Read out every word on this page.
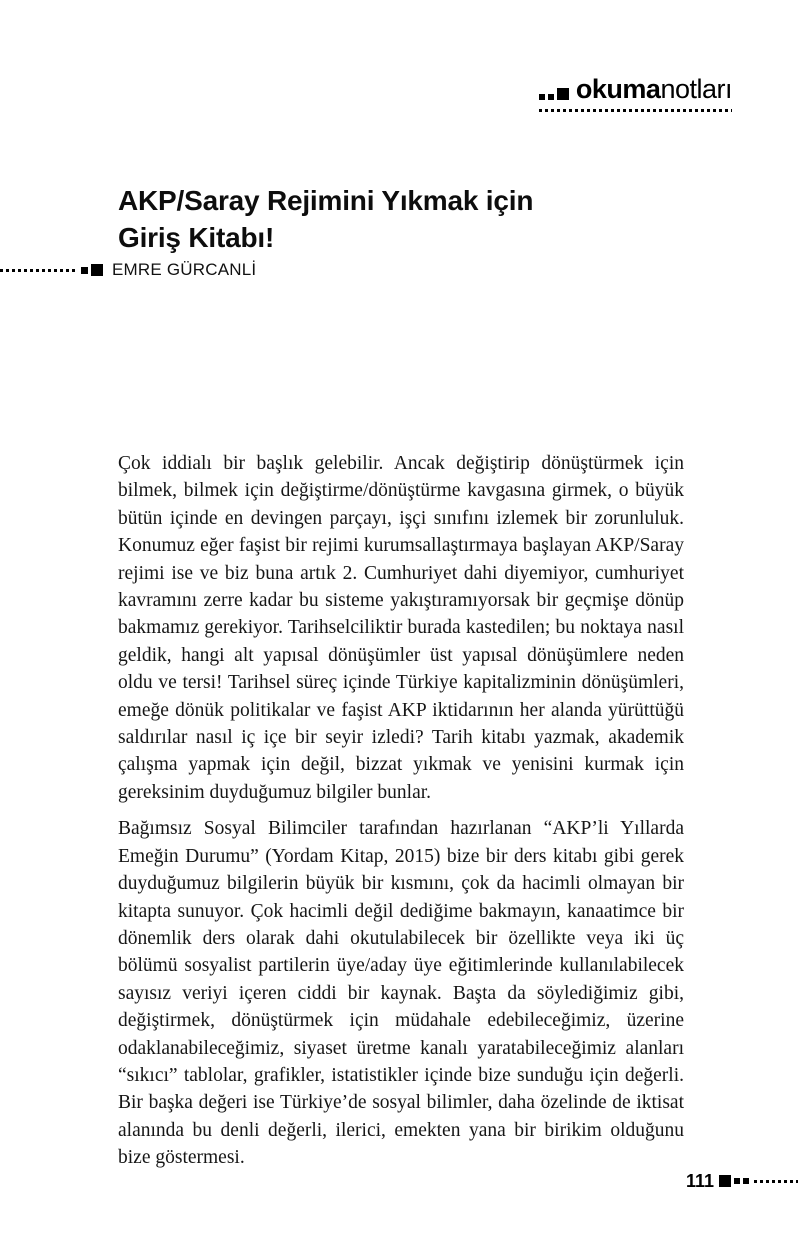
okumanotları
AKP/Saray Rejimini Yıkmak için
Giriş Kitabı!
EMRE GÜRCANLİ

Çok iddialı bir başlık gelebilir. Ancak değiştirip dönüştürmek için bilmek, bilmek için değiştirme/dönüştürme kavgasına girmek, o büyük bütün içinde en devingen parçayı, işçi sınıfını izlemek bir zorunluluk. Konumuz eğer faşist bir rejimi kurumsallaştırmaya başlayan AKP/Saray rejimi ise ve biz buna artık 2. Cumhuriyet dahi diyemiyor, cumhuriyet kavramını zerre kadar bu sisteme yakıştıramıyorsak bir geçmişe dönüp bakmamız gerekiyor. Tarihselciliktir burada kastedilen; bu noktaya nasıl geldik, hangi alt yapısal dönüşümler üst yapısal dönüşümlere neden oldu ve tersi! Tarihsel süreç içinde Türkiye kapitalizminin dönüşümleri, emeğe dönük politikalar ve faşist AKP iktidarının her alanda yürüttüğü saldırılar nasıl iç içe bir seyir izledi? Tarih kitabı yazmak, akademik çalışma yapmak için değil, bizzat yıkmak ve yenisini kurmak için gereksinim duyduğumuz bilgiler bunlar.

Bağımsız Sosyal Bilimciler tarafından hazırlanan “AKP’li Yıllarda Emeğin Durumu” (Yordam Kitap, 2015) bize bir ders kitabı gibi gerek duyduğumuz bilgilerin büyük bir kısmını, çok da hacimli olmayan bir kitapta sunuyor. Çok hacimli değil dediğime bakmayın, kanaatimce bir dönemlik ders olarak dahi okutulabilecek bir özellikte veya iki üç bölümü sosyalist partilerin üye/aday üye eğitimlerinde kullanılabilecek sayısız veriyi içeren ciddi bir kaynak. Başta da söylediğimiz gibi, değiştirmek, dönüştürmek için müdahale edebileceğimiz, üzerine odaklanabileceğimiz, siyaset üretme kanalı yaratabileceğimiz alanları “sıkıcı” tablolar, grafikler, istatistikler içinde bize sunduğu için değerli. Bir başka değeri ise Türkiye’de sosyal bilimler, daha özelinde de iktisat alanında bu denli değerli, ilerici, emekten yana bir birikim olduğunu bize göstermesi.

111
